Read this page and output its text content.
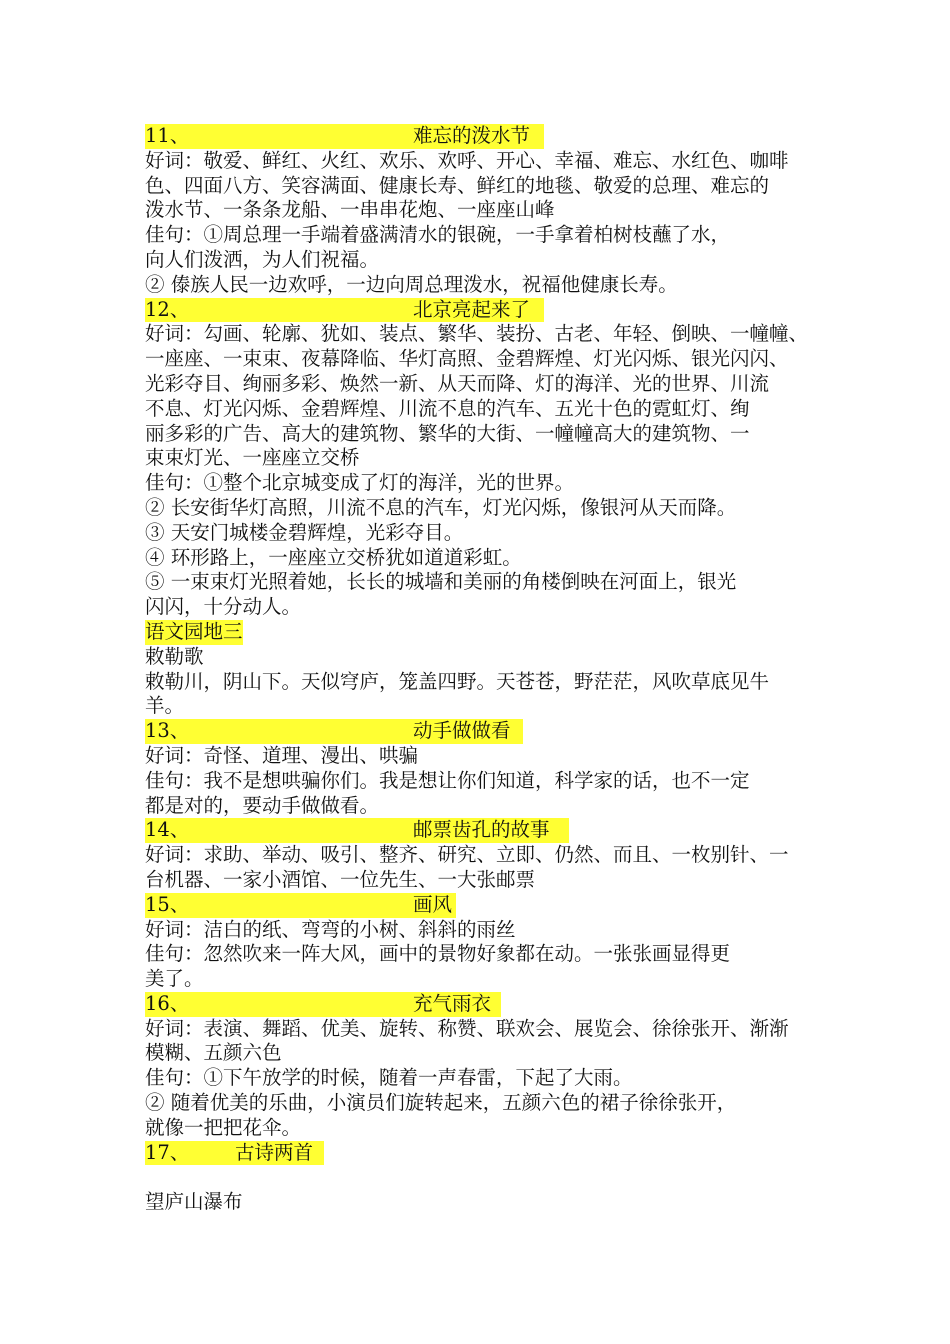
11、	难忘的泼水节
好词：敬爱、鲜红、火红、欢乐、欢呼、开心、幸福、难忘、水红色、咖啡
色、四面八方、笑容满面、健康长寿、鲜红的地毯、敬爱的总理、难忘的
泼水节、一条条龙船、一串串花炮、一座座山峰
佳句：①周总理一手端着盛满清水的银碗，一手拿着柏树枝蘸了水，
向人们泼洒，为人们祝福。
② 傣族人民一边欢呼，一边向周总理泼水，祝福他健康长寿。
12、	北京亮起来了
好词：勾画、轮廓、犹如、装点、繁华、装扮、古老、年轻、倒映、一幢幢、
一座座、一束束、夜幕降临、华灯高照、金碧辉煌、灯光闪烁、银光闪闪、
光彩夺目、绚丽多彩、焕然一新、从天而降、灯的海洋、光的世界、川流
不息、灯光闪烁、金碧辉煌、川流不息的汽车、五光十色的霓虹灯、绚
丽多彩的广告、高大的建筑物、繁华的大街、一幢幢高大的建筑物、一
束束灯光、一座座立交桥
佳句：①整个北京城变成了灯的海洋，光的世界。
② 长安街华灯高照，川流不息的汽车，灯光闪烁，像银河从天而降。
③ 天安门城楼金碧辉煌，光彩夺目。
④ 环形路上，一座座立交桥犹如道道彩虹。
⑤ 一束束灯光照着她，长长的城墙和美丽的角楼倒映在河面上，银光
闪闪，十分动人。
语文园地三
敕勒歌
敕勒川，阴山下。天似穹庐，笼盖四野。天苍苍，野茫茫，风吹草底见牛
羊。
13、	动手做做看
好词：奇怪、道理、漫出、哄骗
佳句：我不是想哄骗你们。我是想让你们知道，科学家的话，也不一定
都是对的，要动手做做看。
14、	邮票齿孔的故事
好词：求助、举动、吸引、整齐、研究、立即、仍然、而且、一枚别针、一
台机器、一家小酒馆、一位先生、一大张邮票
15、	画风
好词：洁白的纸、弯弯的小树、斜斜的雨丝
佳句：忽然吹来一阵大风，画中的景物好象都在动。一张张画显得更
美了。
16、	充气雨衣
好词：表演、舞蹈、优美、旋转、称赞、联欢会、展览会、徐徐张开、渐渐
模糊、五颜六色
佳句：①下午放学的时候，随着一声春雷，下起了大雨。
② 随着优美的乐曲，小演员们旋转起来，五颜六色的裙子徐徐张开，
就像一把把花伞。
17、 古诗两首
望庐山瀑布
